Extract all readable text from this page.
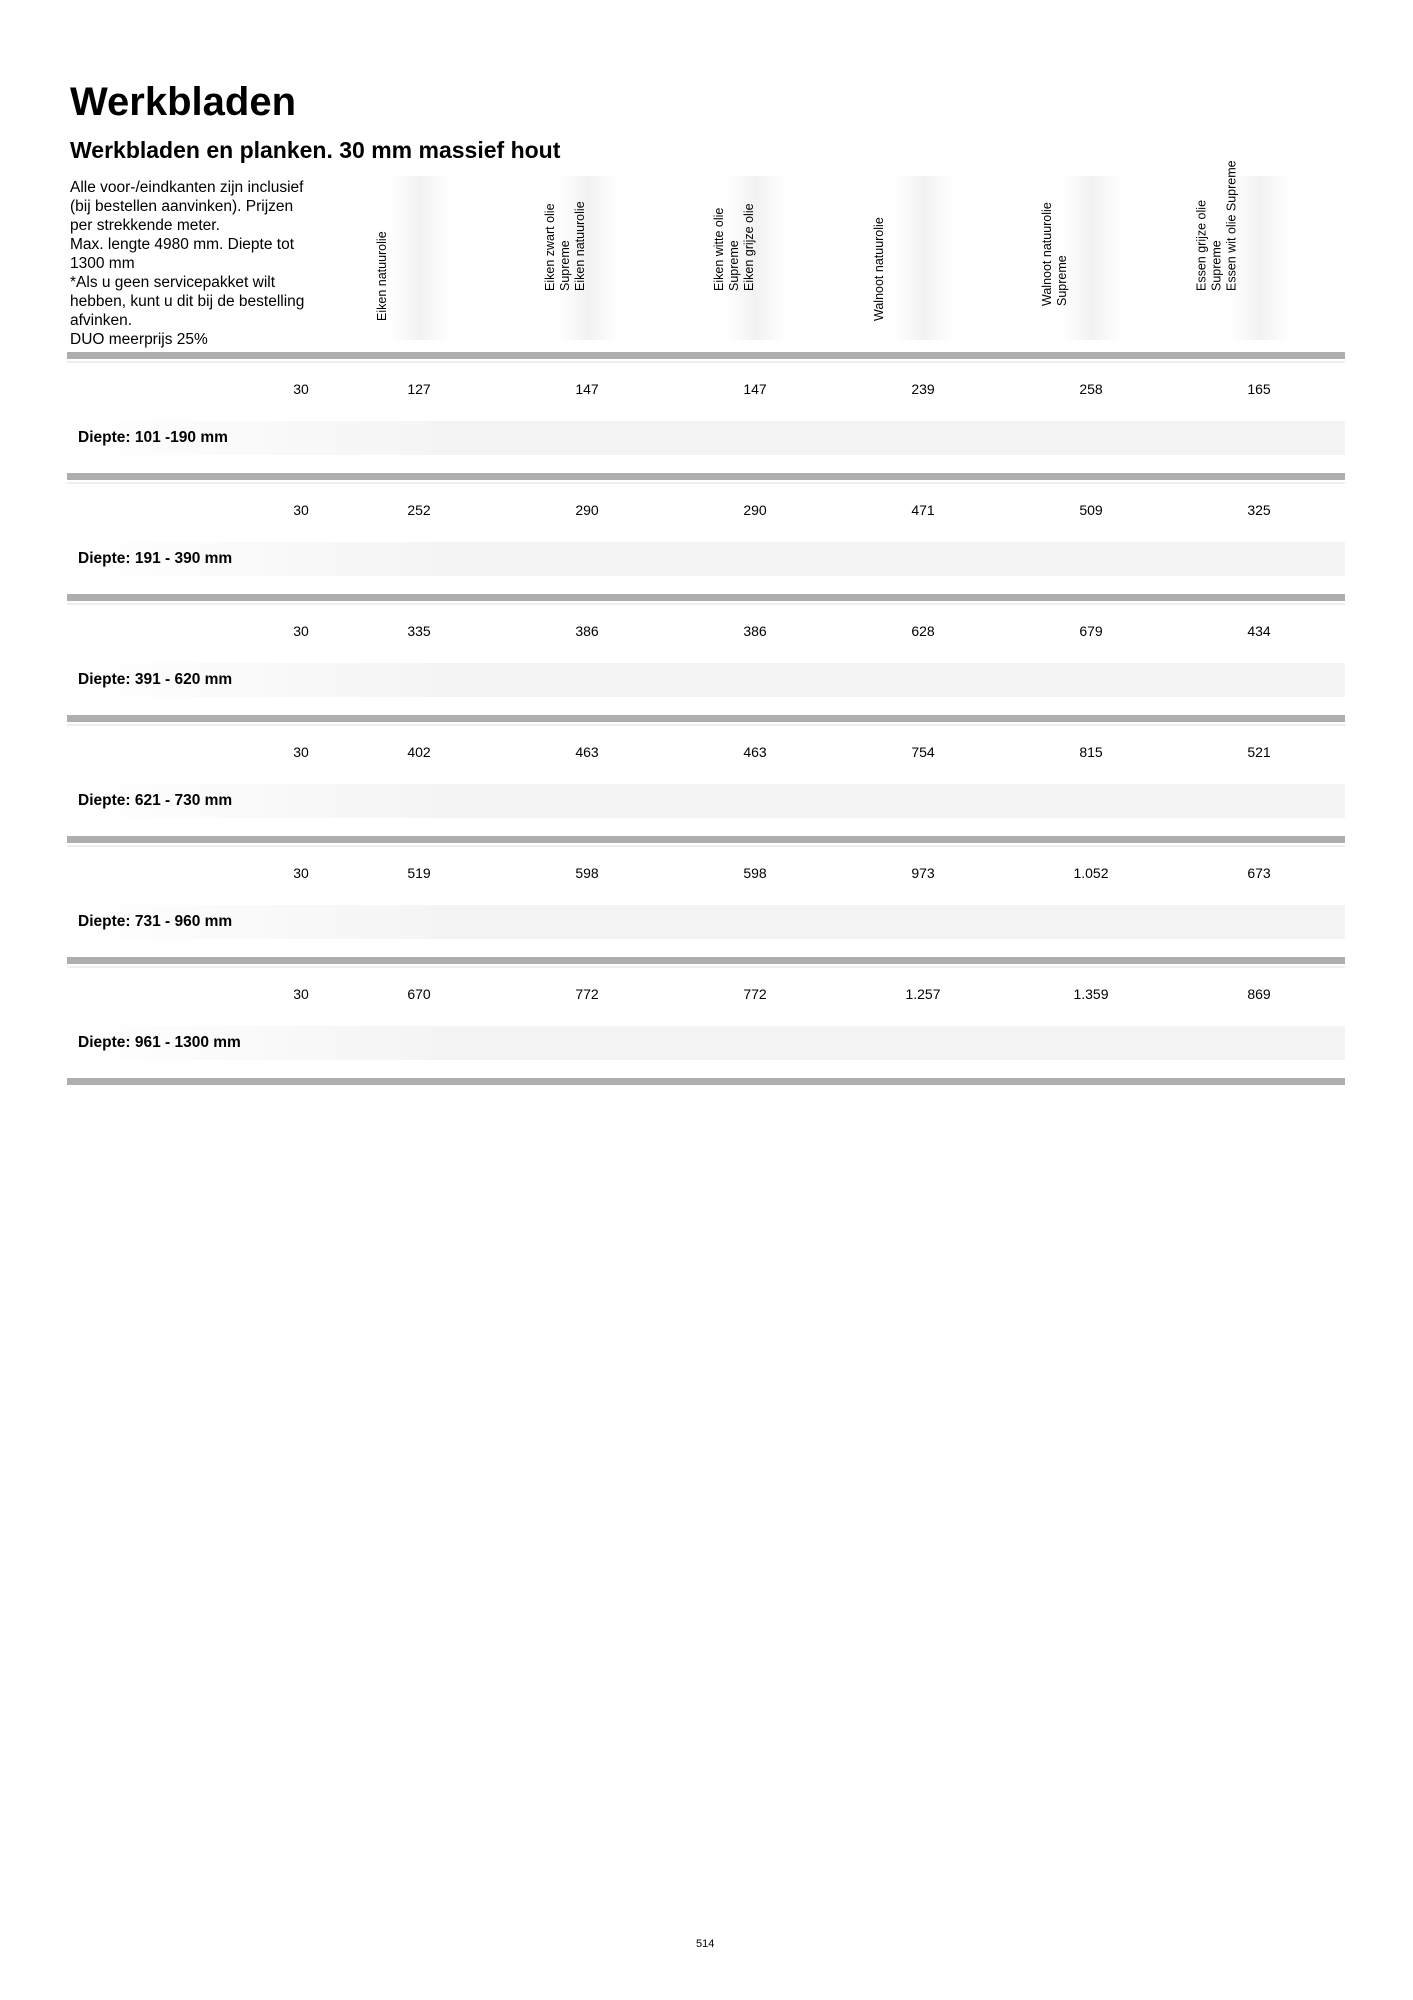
Werkbladen
Werkbladen en planken. 30 mm massief hout
Alle voor-/eindkanten zijn inclusief
(bij bestellen aanvinken). Prijzen
per strekkende meter.
Max. lengte 4980 mm. Diepte tot
1300 mm
*Als u geen servicepakket wilt
hebben, kunt u dit bij de bestelling
afvinken.
DUO meerprijs 25%
Eiken natuurolie	Eiken zwart olie Supreme Eiken natuurolie	Eiken witte olie Supreme Eiken grijze olie	Walnoot natuurolie	Walnoot natuurolie Supreme	Essen grijze olie Supreme Essen wit olie Supreme
30	127	147	147	239	258	165
Diepte: 101 -190 mm
30	252	290	290	471	509	325
Diepte: 191 - 390 mm
30	335	386	386	628	679	434
Diepte: 391 - 620 mm
30	402	463	463	754	815	521
Diepte: 621 - 730 mm
30	519	598	598	973	1.052	673
Diepte: 731 - 960 mm
30	670	772	772	1.257	1.359	869
Diepte: 961 - 1300 mm
514
